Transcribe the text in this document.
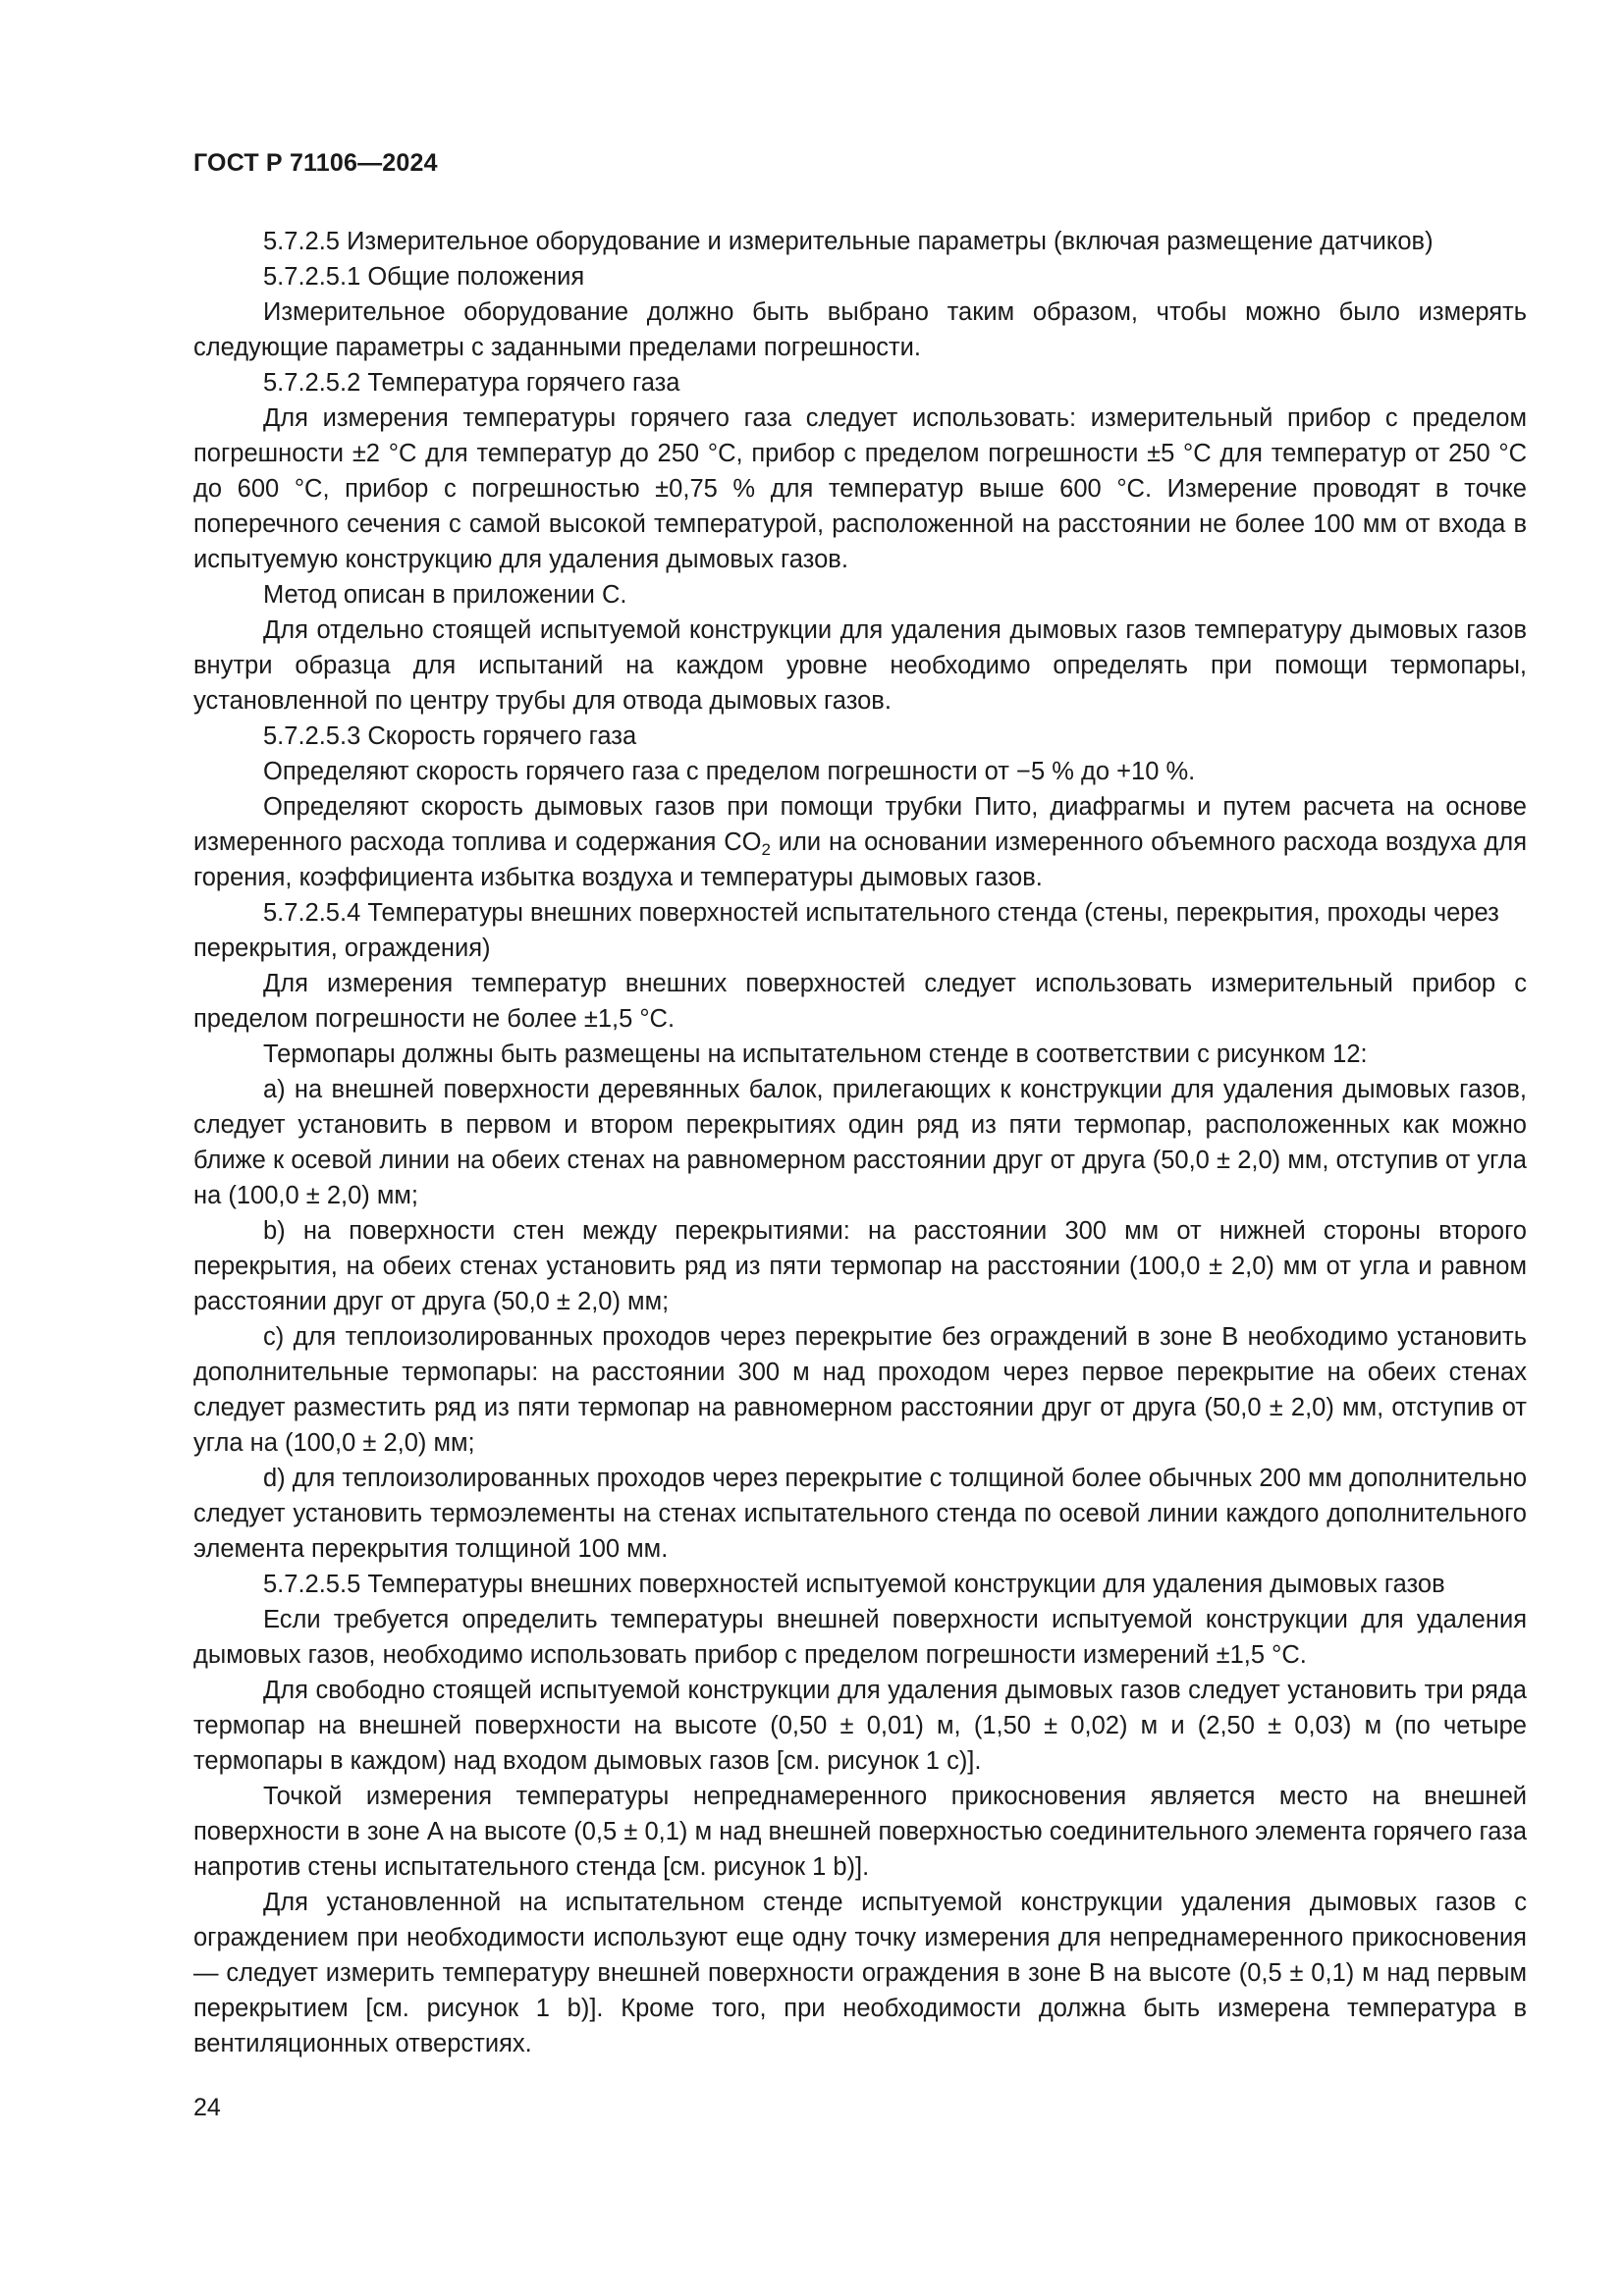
ГОСТ Р 71106—2024

5.7.2.5 Измерительное оборудование и измерительные параметры (включая размещение датчиков)

5.7.2.5.1 Общие положения

Измерительное оборудование должно быть выбрано таким образом, чтобы можно было измерять следующие параметры с заданными пределами погрешности.

5.7.2.5.2 Температура горячего газа

Для измерения температуры горячего газа следует использовать: измерительный прибор с пределом погрешности ±2 °C для температур до 250 °C, прибор с пределом погрешности ±5 °C для температур от 250 °C до 600 °C, прибор с погрешностью ±0,75 % для температур выше 600 °C. Измерение проводят в точке поперечного сечения с самой высокой температурой, расположенной на расстоянии не более 100 мм от входа в испытуемую конструкцию для удаления дымовых газов.

Метод описан в приложении С.

Для отдельно стоящей испытуемой конструкции для удаления дымовых газов температуру дымовых газов внутри образца для испытаний на каждом уровне необходимо определять при помощи термопары, установленной по центру трубы для отвода дымовых газов.

5.7.2.5.3 Скорость горячего газа

Определяют скорость горячего газа с пределом погрешности от −5 % до +10 %.

Определяют скорость дымовых газов при помощи трубки Пито, диафрагмы и путем расчета на основе измеренного расхода топлива и содержания $CO_2$ или на основании измеренного объемного расхода воздуха для горения, коэффициента избытка воздуха и температуры дымовых газов.

5.7.2.5.4 Температуры внешних поверхностей испытательного стенда (стены, перекрытия, проходы через перекрытия, ограждения)

Для измерения температур внешних поверхностей следует использовать измерительный прибор с пределом погрешности не более ±1,5 °C.

Термопары должны быть размещены на испытательном стенде в соответствии с рисунком 12:

a) на внешней поверхности деревянных балок, прилегающих к конструкции для удаления дымовых газов, следует установить в первом и втором перекрытиях один ряд из пяти термопар, расположенных как можно ближе к осевой линии на обеих стенах на равномерном расстоянии друг от друга (50,0 ± 2,0) мм, отступив от угла на (100,0 ± 2,0) мм;

b) на поверхности стен между перекрытиями: на расстоянии 300 мм от нижней стороны второго перекрытия, на обеих стенах установить ряд из пяти термопар на расстоянии (100,0 ± 2,0) мм от угла и равном расстоянии друг от друга (50,0 ± 2,0) мм;

c) для теплоизолированных проходов через перекрытие без ограждений в зоне B необходимо установить дополнительные термопары: на расстоянии 300 м над проходом через первое перекрытие на обеих стенах следует разместить ряд из пяти термопар на равномерном расстоянии друг от друга (50,0 ± 2,0) мм, отступив от угла на (100,0 ± 2,0) мм;

d) для теплоизолированных проходов через перекрытие с толщиной более обычных 200 мм дополнительно следует установить термоэлементы на стенах испытательного стенда по осевой линии каждого дополнительного элемента перекрытия толщиной 100 мм.

5.7.2.5.5 Температуры внешних поверхностей испытуемой конструкции для удаления дымовых газов

Если требуется определить температуры внешней поверхности испытуемой конструкции для удаления дымовых газов, необходимо использовать прибор с пределом погрешности измерений ±1,5 °C.

Для свободно стоящей испытуемой конструкции для удаления дымовых газов следует установить три ряда термопар на внешней поверхности на высоте (0,50 ± 0,01) м, (1,50 ± 0,02) м и (2,50 ± 0,03) м (по четыре термопары в каждом) над входом дымовых газов [см. рисунок 1 c)].

Точкой измерения температуры непреднамеренного прикосновения является место на внешней поверхности в зоне A на высоте (0,5 ± 0,1) м над внешней поверхностью соединительного элемента горячего газа напротив стены испытательного стенда [см. рисунок 1 b)].

Для установленной на испытательном стенде испытуемой конструкции удаления дымовых газов с ограждением при необходимости используют еще одну точку измерения для непреднамеренного прикосновения — следует измерить температуру внешней поверхности ограждения в зоне B на высоте (0,5 ± 0,1) м над первым перекрытием [см. рисунок 1 b)]. Кроме того, при необходимости должна быть измерена температура в вентиляционных отверстиях.

24
